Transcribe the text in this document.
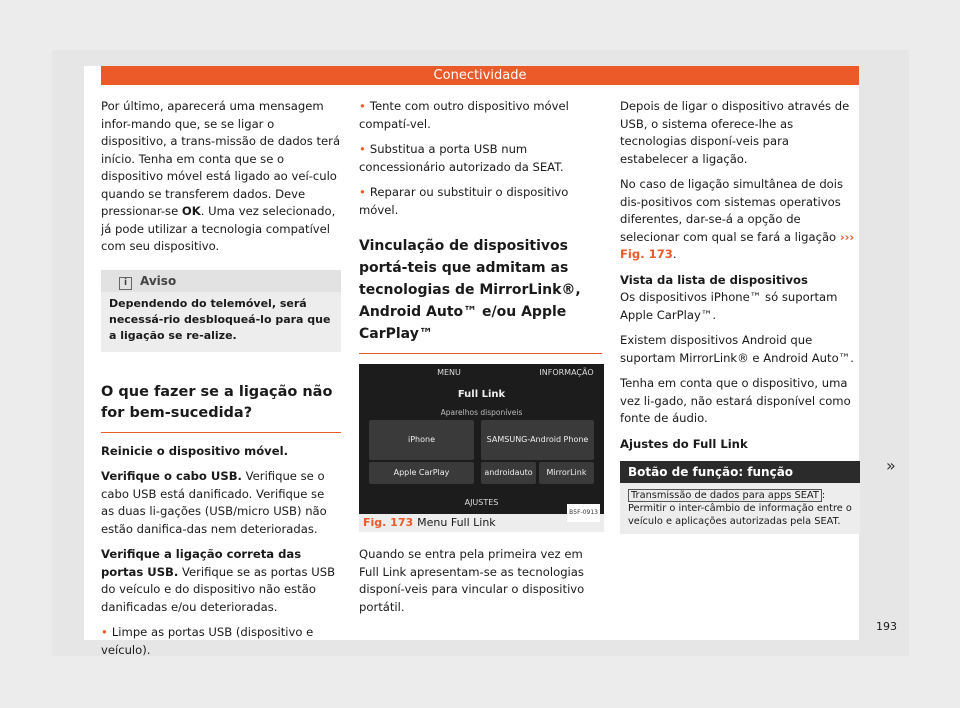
Conectividade

Por último, aparecerá uma mensagem infor-mando que, se se ligar o dispositivo, a trans-missão de dados terá início. Tenha em conta que se o dispositivo móvel está ligado ao veí-culo quando se transferem dados. Deve pressionar-se OK. Uma vez selecionado, já pode utilizar a tecnologia compatível com seu dispositivo.

i Aviso
Dependendo do telemóvel, será necessá-rio desbloqueá-lo para que a ligação se re-alize.
O que fazer se a ligação não for bem-sucedida?

Reinicie o dispositivo móvel.

Verifique o cabo USB. Verifique se o cabo USB está danificado. Verifique se as duas li-gações (USB/micro USB) não estão danifica-das nem deterioradas.

Verifique a ligação correta das portas USB. Verifique se as portas USB do veículo e do dispositivo não estão danificadas e/ou deterioradas.

• Limpe as portas USB (dispositivo e veículo).

• Tente com outro dispositivo móvel compatí-vel.

• Substitua a porta USB num concessionário autorizado da SEAT.

• Reparar ou substituir o dispositivo móvel.

Vinculação de dispositivos portá-teis que admitam as tecnologias de MirrorLink®, Android Auto™ e/ou Apple CarPlay™
MENU	INFORMAÇÃO
Full Link
Aparelhos disponíveis
iPhone	SAMSUNG-Android Phone
Apple CarPlay	androidauto	MirrorLink
AJUSTES
B5F-0913
Fig. 173 Menu Full Link

Quando se entra pela primeira vez em Full Link apresentam-se as tecnologias disponí-veis para vincular o dispositivo portátil.

Depois de ligar o dispositivo através de USB, o sistema oferece-lhe as tecnologias disponí-veis para estabelecer a ligação.

No caso de ligação simultânea de dois dis-positivos com sistemas operativos diferentes, dar-se-á a opção de selecionar com qual se fará a ligação ››› Fig. 173.

Vista da lista de dispositivos

Os dispositivos iPhone™ só suportam Apple CarPlay™.

Existem dispositivos Android que suportam MirrorLink® e Android Auto™.

Tenha em conta que o dispositivo, uma vez li-gado, não estará disponível como fonte de áudio.

Ajustes do Full Link

Botão de função: função
Transmissão de dados para apps SEAT : Permitir o inter-câmbio de informação entre o veículo e aplicações autorizadas pela SEAT.
»
193
